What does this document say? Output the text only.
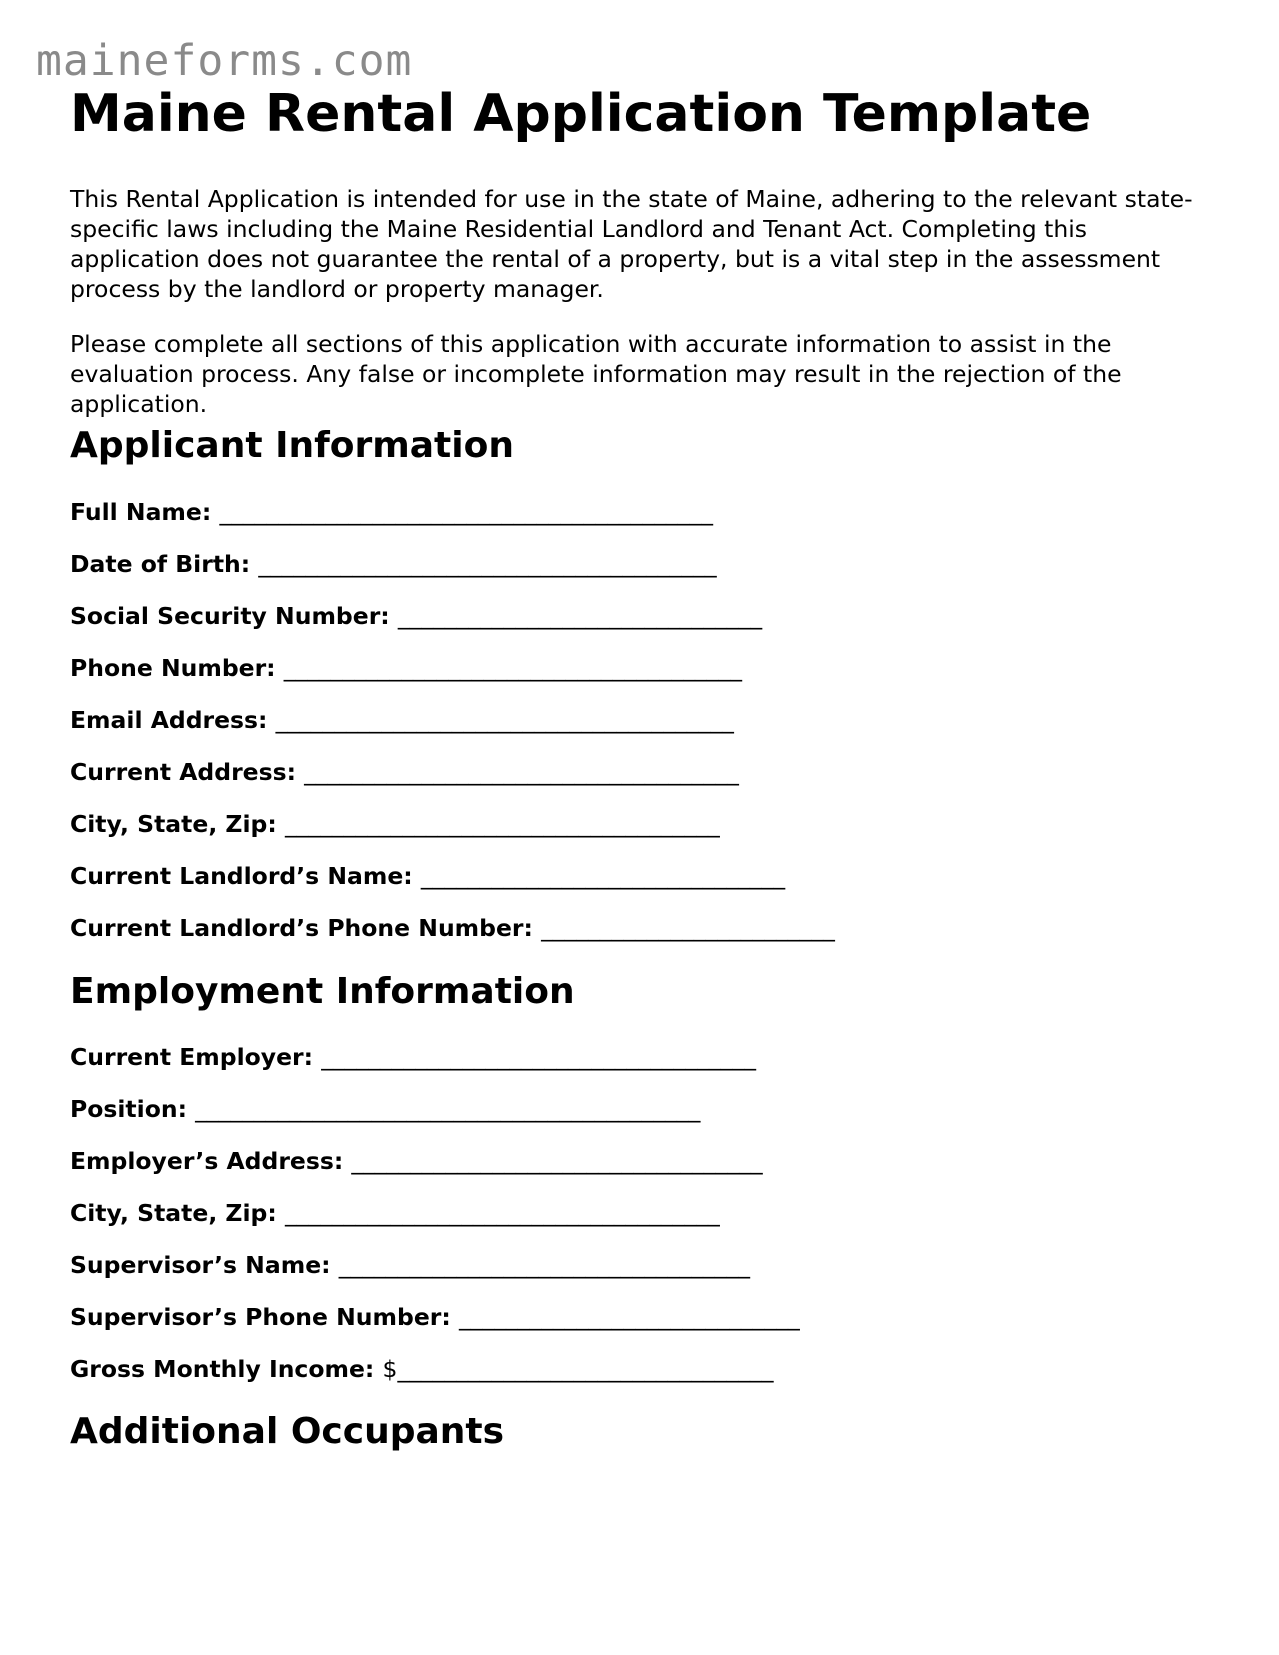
maineforms.com
Maine Rental Application Template

This Rental Application is intended for use in the state of Maine, adhering to the relevant state-specific laws including the Maine Residential Landlord and Tenant Act. Completing this application does not guarantee the rental of a property, but is a vital step in the assessment process by the landlord or property manager.

Please complete all sections of this application with accurate information to assist in the evaluation process. Any false or incomplete information may result in the rejection of the application.

Applicant Information
Full Name: __________________________________________
Date of Birth: _______________________________________
Social Security Number: _______________________________
Phone Number: _______________________________________
Email Address: _______________________________________
Current Address: _____________________________________
City, State, Zip: _____________________________________
Current Landlord’s Name: _______________________________
Current Landlord’s Phone Number: _________________________
Employment Information
Current Employer: _____________________________________
Position: ___________________________________________
Employer’s Address: ___________________________________
City, State, Zip: _____________________________________
Supervisor’s Name: ___________________________________
Supervisor’s Phone Number: _____________________________
Gross Monthly Income: $________________________________
Additional Occupants
